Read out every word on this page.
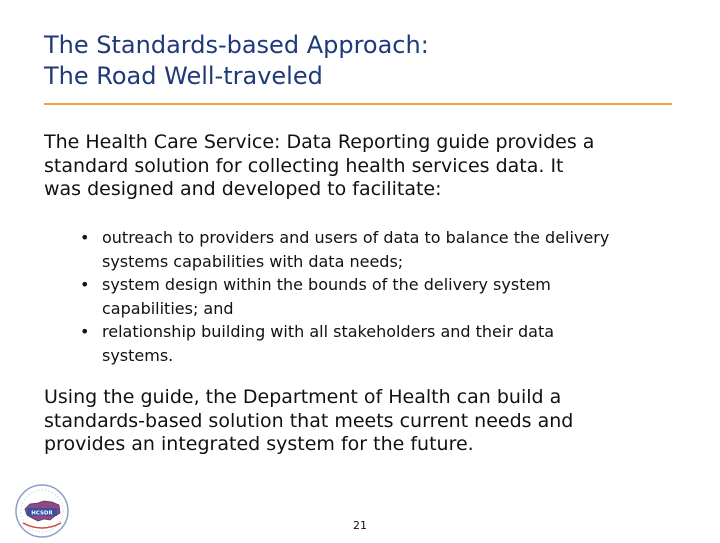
The Standards-based Approach:
The Road Well-traveled

The Health Care Service: Data Reporting guide provides a
standard solution for collecting health services data. It
was designed and developed to facilitate:

• outreach to providers and users of data to balance the delivery
systems capabilities with data needs;
• system design within the bounds of the delivery system
capabilities; and
• relationship building with all stakeholders and their data
systems.

Using the guide, the Department of Health can build a
standards-based solution that meets current needs and
provides an integrated system for the future.

HCSDR
21
